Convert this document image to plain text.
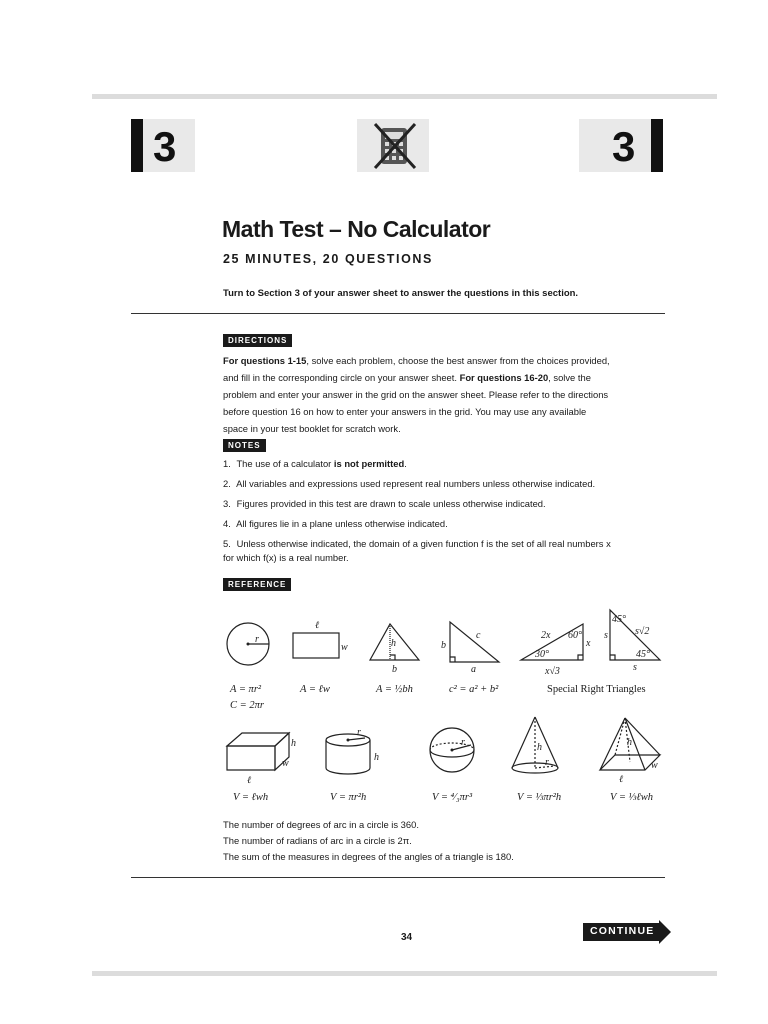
3	3
Math Test – No Calculator
25 MINUTES, 20 QUESTIONS
Turn to Section 3 of your answer sheet to answer the questions in this section.
DIRECTIONS
For questions 1-15, solve each problem, choose the best answer from the choices provided, and fill in the corresponding circle on your answer sheet. For questions 16-20, solve the problem and enter your answer in the grid on the answer sheet. Please refer to the directions before question 16 on how to enter your answers in the grid. You may use any available space in your test booklet for scratch work.
NOTES
1. The use of a calculator is not permitted.
2. All variables and expressions used represent real numbers unless otherwise indicated.
3. Figures provided in this test are drawn to scale unless otherwise indicated.
4. All figures lie in a plane unless otherwise indicated.
5. Unless otherwise indicated, the domain of a given function f is the set of all real numbers x for which f(x) is a real number.
REFERENCE
r
ℓ
w	h
b
b
a
c	2x 60°
x
30°
x√3
45°
s√2
s
45°
s
h
w
ℓ
r
h
r	h
r
h
w
ℓ
A = πr²
C = 2πr
A = ℓw	A = ½bh	c² = a² + b²	Special Right Triangles
V = ℓwh	V = πr²h	V = ⁴⁄₃πr³	V = ⅓πr²h	V = ⅓ℓwh
The number of degrees of arc in a circle is 360.
The number of radians of arc in a circle is 2π.
The sum of the measures in degrees of the angles of a triangle is 180.
34
CONTINUE
